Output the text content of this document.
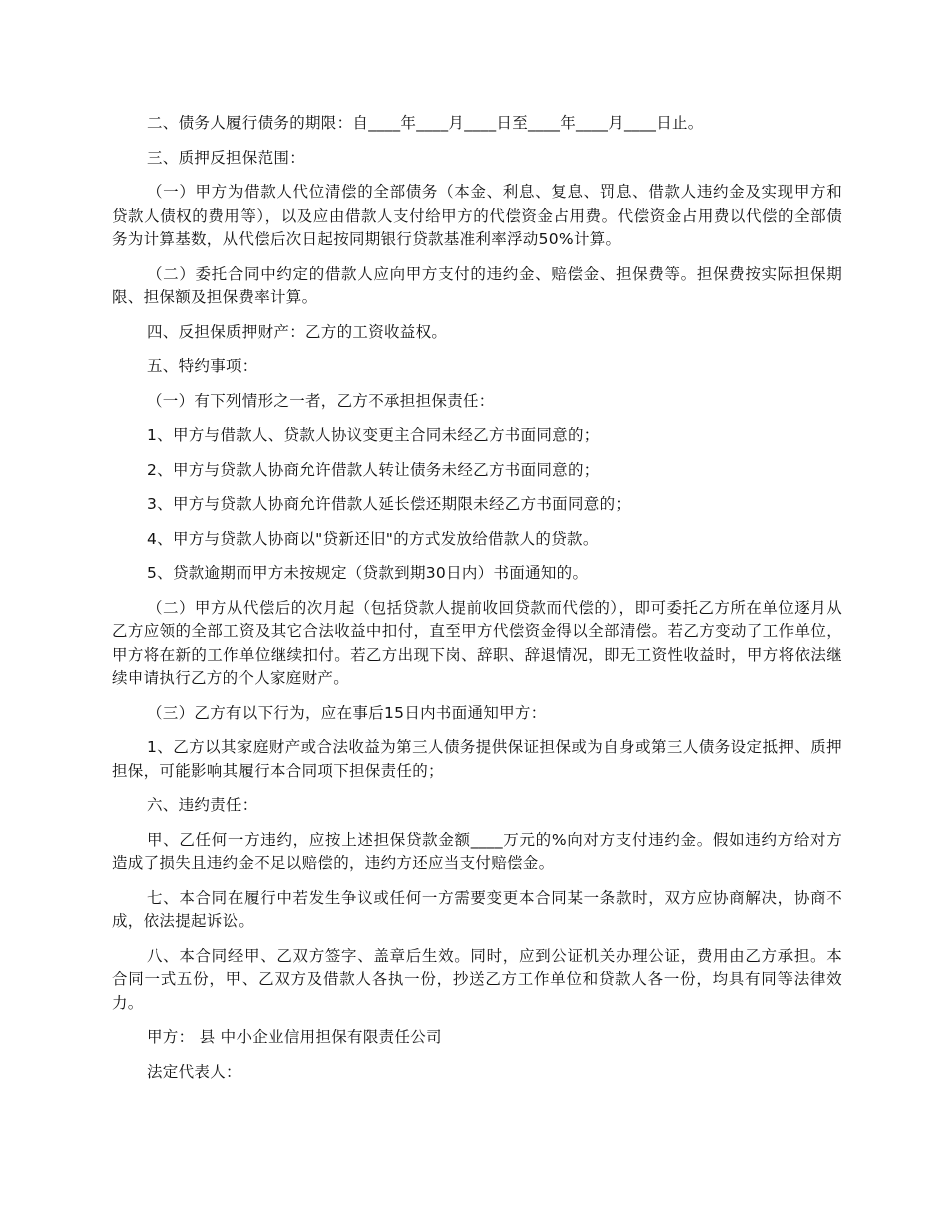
二、债务人履行债务的期限：自____年____月____日至____年____月____日止。

三、质押反担保范围：

（一）甲方为借款人代位清偿的全部债务（本金、利息、复息、罚息、借款人违约金及实现甲方和贷款人债权的费用等），以及应由借款人支付给甲方的代偿资金占用费。代偿资金占用费以代偿的全部债务为计算基数，从代偿后次日起按同期银行贷款基准利率浮动50%计算。

（二）委托合同中约定的借款人应向甲方支付的违约金、赔偿金、担保费等。担保费按实际担保期限、担保额及担保费率计算。

四、反担保质押财产：乙方的工资收益权。

五、特约事项：

（一）有下列情形之一者，乙方不承担担保责任：

1、甲方与借款人、贷款人协议变更主合同未经乙方书面同意的；

2、甲方与贷款人协商允许借款人转让债务未经乙方书面同意的；

3、甲方与贷款人协商允许借款人延长偿还期限未经乙方书面同意的；

4、甲方与贷款人协商以"贷新还旧"的方式发放给借款人的贷款。

5、贷款逾期而甲方未按规定（贷款到期30日内）书面通知的。

（二）甲方从代偿后的次月起（包括贷款人提前收回贷款而代偿的），即可委托乙方所在单位逐月从乙方应领的全部工资及其它合法收益中扣付，直至甲方代偿资金得以全部清偿。若乙方变动了工作单位，甲方将在新的工作单位继续扣付。若乙方出现下岗、辞职、辞退情况，即无工资性收益时，甲方将依法继续申请执行乙方的个人家庭财产。

（三）乙方有以下行为，应在事后15日内书面通知甲方：

1、乙方以其家庭财产或合法收益为第三人债务提供保证担保或为自身或第三人债务设定抵押、质押担保，可能影响其履行本合同项下担保责任的；

六、违约责任：

甲、乙任何一方违约，应按上述担保贷款金额____万元的%向对方支付违约金。假如违约方给对方造成了损失且违约金不足以赔偿的，违约方还应当支付赔偿金。

七、本合同在履行中若发生争议或任何一方需要变更本合同某一条款时，双方应协商解决，协商不成，依法提起诉讼。

八、本合同经甲、乙双方签字、盖章后生效。同时，应到公证机关办理公证，费用由乙方承担。本合同一式五份，甲、乙双方及借款人各执一份，抄送乙方工作单位和贷款人各一份，均具有同等法律效力。

甲方： 县 中小企业信用担保有限责任公司

法定代表人：
